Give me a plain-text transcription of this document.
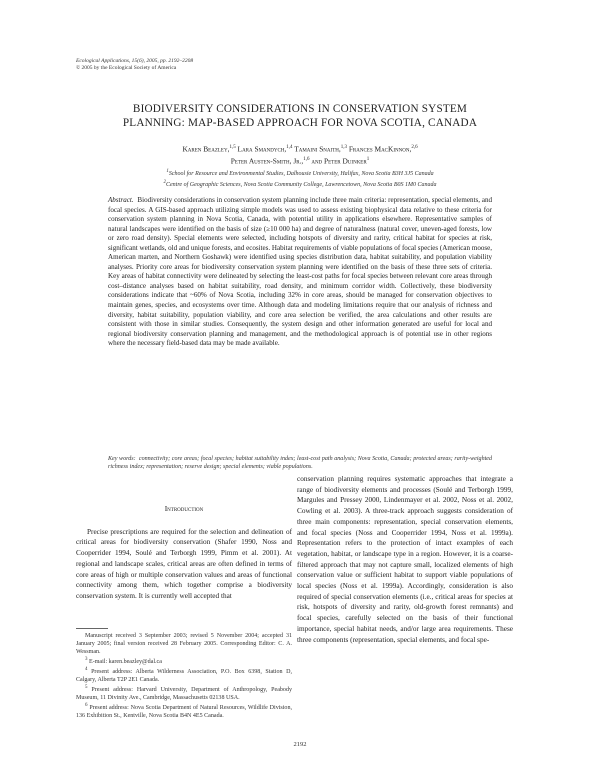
Ecological Applications, 15(6), 2005, pp. 2192–2208
© 2005 by the Ecological Society of America
BIODIVERSITY CONSIDERATIONS IN CONSERVATION SYSTEM
PLANNING: MAP-BASED APPROACH FOR NOVA SCOTIA, CANADA
Karen Beazley,$^{1,5}$ Lara Smandych,$^{1,4}$ Tamaini Snaith,$^{1,3}$ Frances MacKinnon,$^{2,6}$
Peter Austen-Smith, Jr.,$^{1,6}$ and Peter Duinker$^1$
$^1$School for Resource and Environmental Studies, Dalhousie University, Halifax, Nova Scotia B3H 3J5 Canada
$^2$Centre of Geographic Sciences, Nova Scotia Community College, Lawrencetown, Nova Scotia B0S 1M0 Canada
Abstract. Biodiversity considerations in conservation system planning include three main criteria: representation, special elements, and focal species. A GIS-based approach utilizing simple models was used to assess existing biophysical data relative to these criteria for conservation system planning in Nova Scotia, Canada, with potential utility in applications elsewhere. Representative samples of natural landscapes were identified on the basis of size (≥10 000 ha) and degree of naturalness (natural cover, uneven-aged forests, low or zero road density). Special elements were selected, including hotspots of diversity and rarity, critical habitat for species at risk, significant wetlands, old and unique forests, and ecosites. Habitat requirements of viable populations of focal species (American moose, American marten, and Northern Goshawk) were identified using species distribution data, habitat suitability, and population viability analyses. Priority core areas for biodiversity conservation system planning were identified on the basis of these three sets of criteria. Key areas of habitat connectivity were delineated by selecting the least-cost paths for focal species between relevant core areas through cost–distance analyses based on habitat suitability, road density, and minimum corridor width. Collectively, these biodiversity considerations indicate that ~60% of Nova Scotia, including 32% in core areas, should be managed for conservation objectives to maintain genes, species, and ecosystems over time. Although data and modeling limitations require that our analysis of richness and diversity, habitat suitability, population viability, and core area selection be verified, the area calculations and other results are consistent with those in similar studies. Consequently, the system design and other information generated are useful for local and regional biodiversity conservation planning and management, and the methodological approach is of potential use in other regions where the necessary field-based data may be made available.
Key words: connectivity; core areas; focal species; habitat suitability index; least-cost path analysis; Nova Scotia, Canada; protected areas; rarity-weighted richness index; representation; reserve design; special elements; viable populations.
Introduction

Precise prescriptions are required for the selection and delineation of critical areas for biodiversity conservation (Shafer 1990, Noss and Cooperrider 1994, Soulé and Terborgh 1999, Pimm et al. 2001). At regional and landscape scales, critical areas are often defined in terms of core areas of high or multiple conservation values and areas of functional connectivity among them, which together comprise a biodiversity conservation system. It is currently well accepted that

conservation planning requires systematic approaches that integrate a range of biodiversity elements and processes (Soulé and Terborgh 1999, Margules and Pressey 2000, Lindenmayer et al. 2002, Noss et al. 2002, Cowling et al. 2003). A three-track approach suggests consideration of three main components: representation, special conservation elements, and focal species (Noss and Cooperrider 1994, Noss et al. 1999a). Representation refers to the protection of intact examples of each vegetation, habitat, or landscape type in a region. However, it is a coarse-filtered approach that may not capture small, localized elements of high conservation value or sufficient habitat to support viable populations of local species (Noss et al. 1999a). Accordingly, consideration is also required of special conservation elements (i.e., critical areas for species at risk, hotspots of diversity and rarity, old-growth forest remnants) and focal species, carefully selected on the basis of their functional importance, special habitat needs, and/or large area requirements. These three components (representation, special elements, and focal spe-

Manuscript received 3 September 2003; revised 5 November 2004; accepted 31 January 2005; final version received 28 February 2005. Corresponding Editor: C. A. Wessman.
$^3$ E-mail: karen.beazley@dal.ca
$^4$ Present address: Alberta Wilderness Association, P.O. Box 6398, Station D, Calgary, Alberta T2P 2E1 Canada.
$^5$ Present address: Harvard University, Department of Anthropology, Peabody Museum, 11 Divinity Ave., Cambridge, Massachusetts 02138 USA.
$^6$ Present address: Nova Scotia Department of Natural Resources, Wildlife Division, 136 Exhibition St., Kentville, Nova Scotia B4N 4E5 Canada.
2192
